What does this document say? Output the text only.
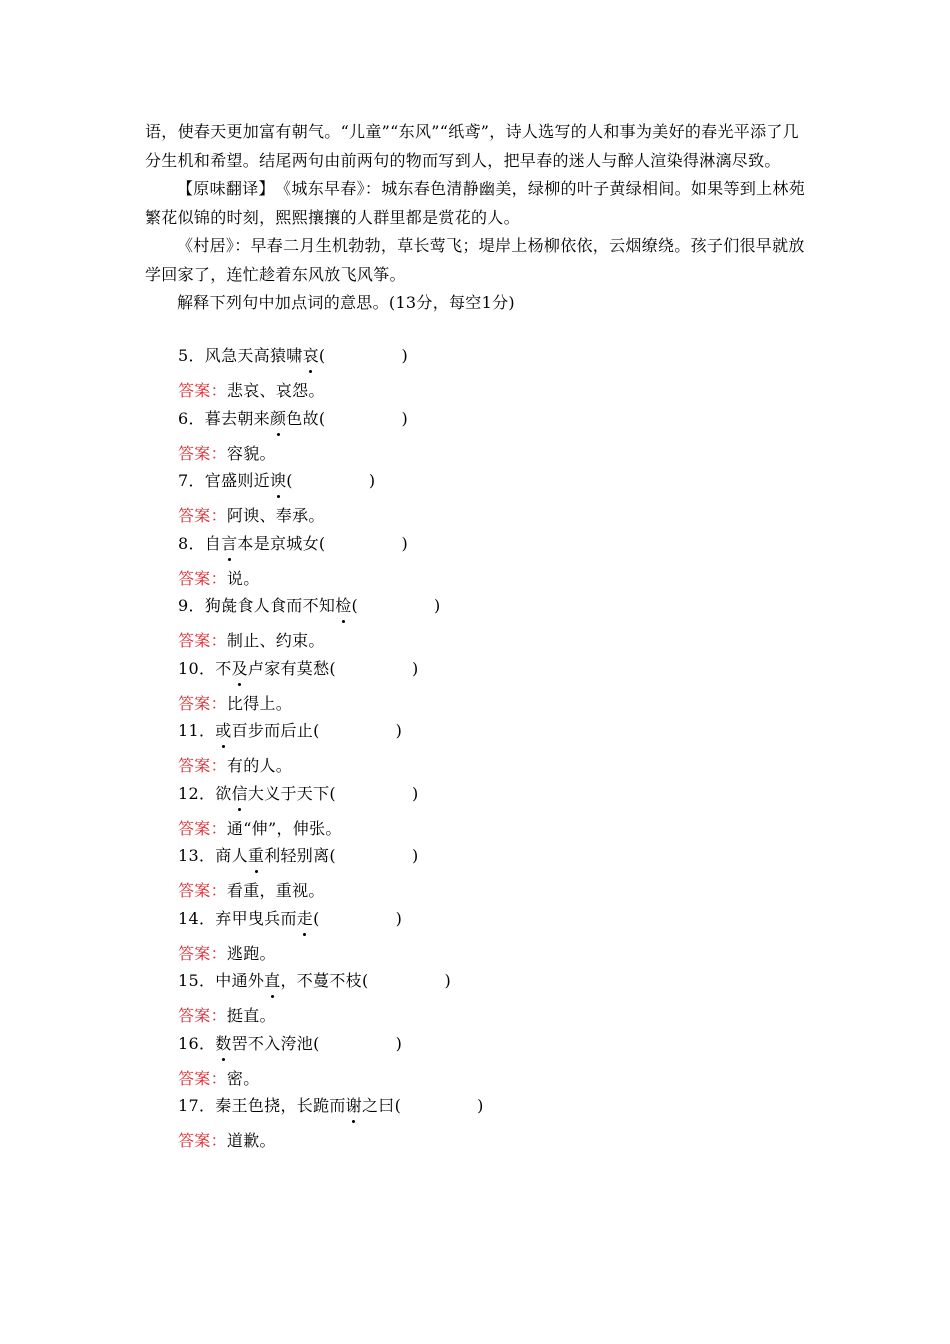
语，使春天更加富有朝气。“儿童”“东风”“纸鸢”，诗人选写的人和事为美好的春光平添了几分生机和希望。结尾两句由前两句的物而写到人，把早春的迷人与醉人渲染得淋漓尽致。

【原味翻译】　 《城东早春》：城东春色清静幽美，绿柳的叶子黄绿相间。如果等到上林苑繁花似锦的时刻，熙熙攘攘的人群里都是赏花的人。

《村居》：早春二月生机勃勃，草长莺飞；堤岸上杨柳依依，云烟缭绕。孩子们很早就放学回家了，连忙趁着东风放飞风筝。

解释下列句中加点词的意思。(13分，每空1分)

5．风急天高猿啸哀(	)
答案：悲哀、哀怨。
6．暮去朝来颜色故(	)
答案：容貌。
7．官盛则近谀(	)
答案：阿谀、奉承。
8．自言本是京城女(	)
答案：说。
9．狗彘食人食而不知检(	)
答案：制止、约束。
10．不及卢家有莫愁(	)
答案：比得上。
11．或百步而后止(	)
答案：有的人。
12．欲信大义于天下(	)
答案：通“伸”，伸张。
13．商人重利轻别离(	)
答案：看重，重视。
14．弃甲曳兵而走(	)
答案：逃跑。
15．中通外直，不蔓不枝(	)
答案：挺直。
16．数罟不入洿池(	)
答案：密。
17．秦王色挠，长跪而谢之曰(	)
答案：道歉。
